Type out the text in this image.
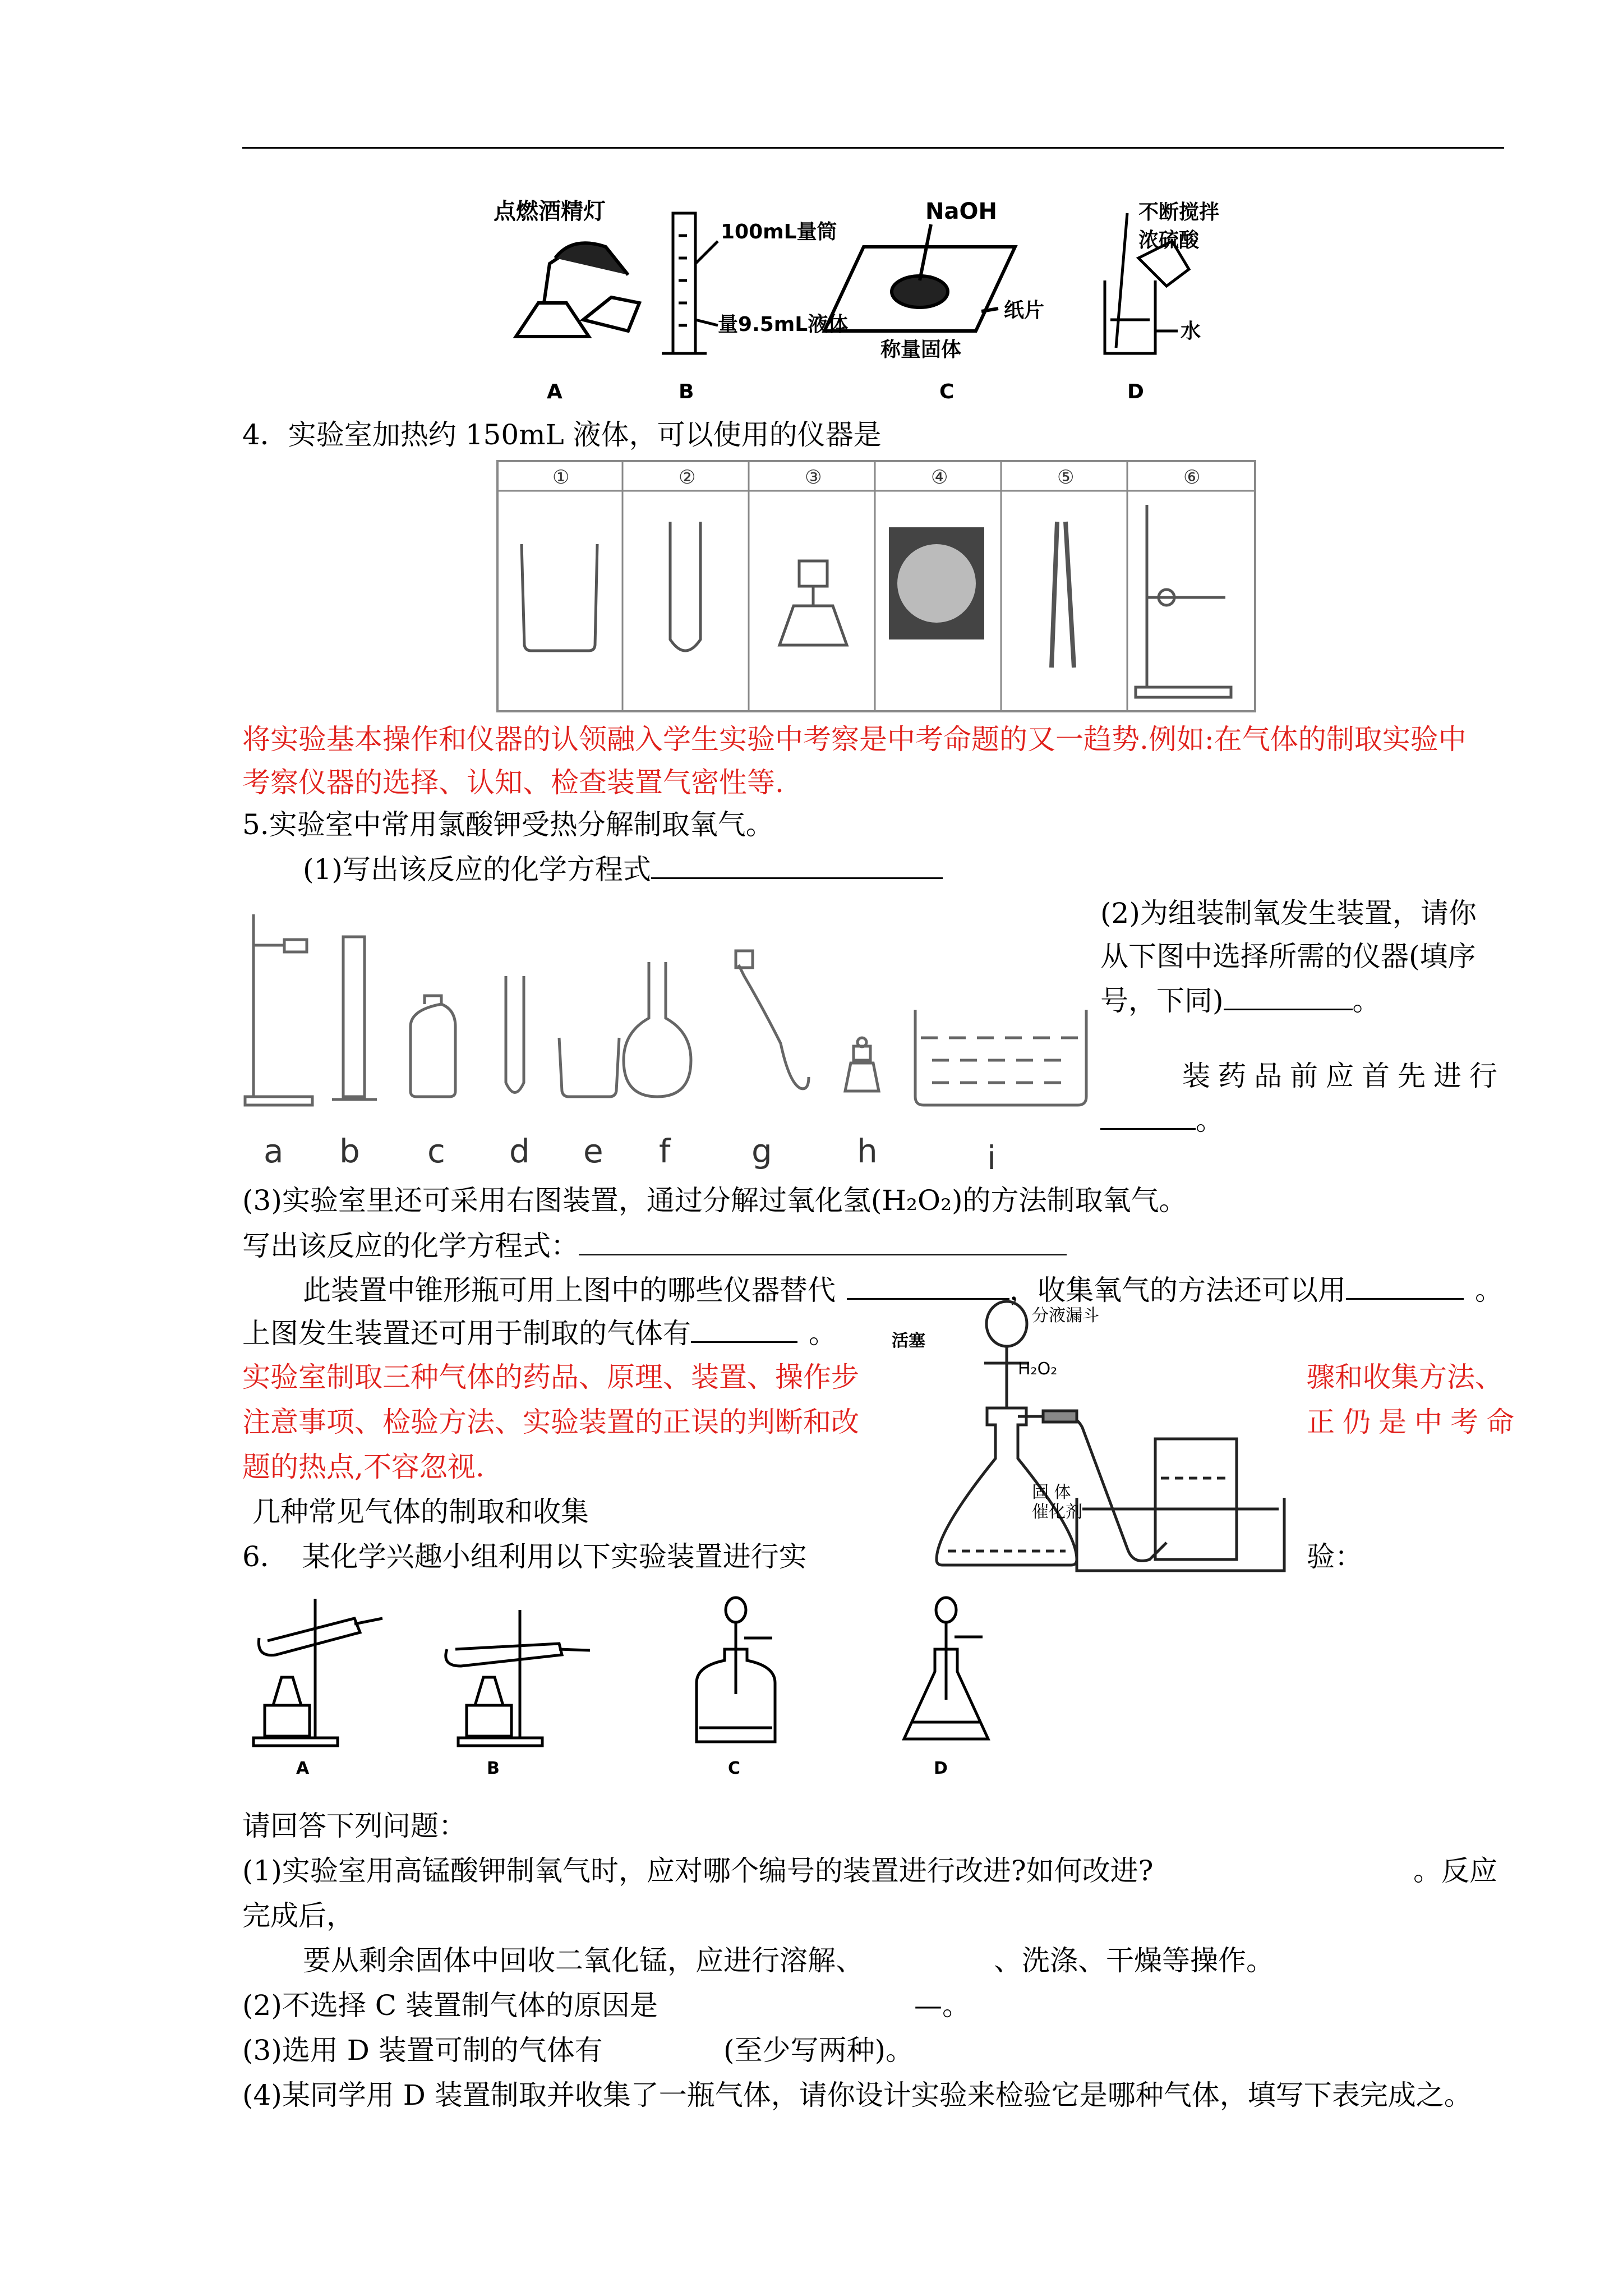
点燃酒精灯
A
100mL量筒
量9.5mL液体
B
NaOH
纸片
称量固体
C
不断搅拌
浓硫酸
水
D
4．实验室加热约 150mL 液体，可以使用的仪器是
①	②	③	④	⑤	⑥
将实验基本操作和仪器的认领融入学生实验中考察是中考命题的又一趋势.例如:在气体的制取实验中
考察仪器的选择、认知、检查装置气密性等.
5.实验室中常用氯酸钾受热分解制取氧气。
(1)写出该反应的化学方程式
(2)为组装制氧发生装置，请你
从下图中选择所需的仪器(填序
号，下同)	。
装药品前应首先进行
。
a b c d e f g	h	i
(3)实验室里还可采用右图装置，通过分解过氧化氢(H₂O₂)的方法制取氧气。
写出该反应的化学方程式：
此装置中锥形瓶可用上图中的哪些仪器替代	，收集氧气的方法还可以用	。
上图发生装置还可用于制取的气体有	。
分液漏斗
活塞
H₂O₂
固 体
催化剂
实验室制取三种气体的药品、原理、装置、操作步	骤和收集方法、
注意事项、检验方法、实验装置的正误的判断和改	正仍是中考命
题的热点,不容忽视.
几种常见气体的制取和收集
6．　某化学兴趣小组利用以下实验装置进行实	验：
A	B	C	D
请回答下列问题：
(1)实验室用高锰酸钾制氧气时，应对哪个编号的装置进行改进?如何改进?	。反应
完成后，
要从剩余固体中回收二氧化锰，应进行溶解、	、洗涤、干燥等操作。
(2)不选择 C 装置制气体的原因是	—。
(3)选用 D 装置可制的气体有	(至少写两种)。
(4)某同学用 D 装置制取并收集了一瓶气体，请你设计实验来检验它是哪种气体，填写下表完成之。
